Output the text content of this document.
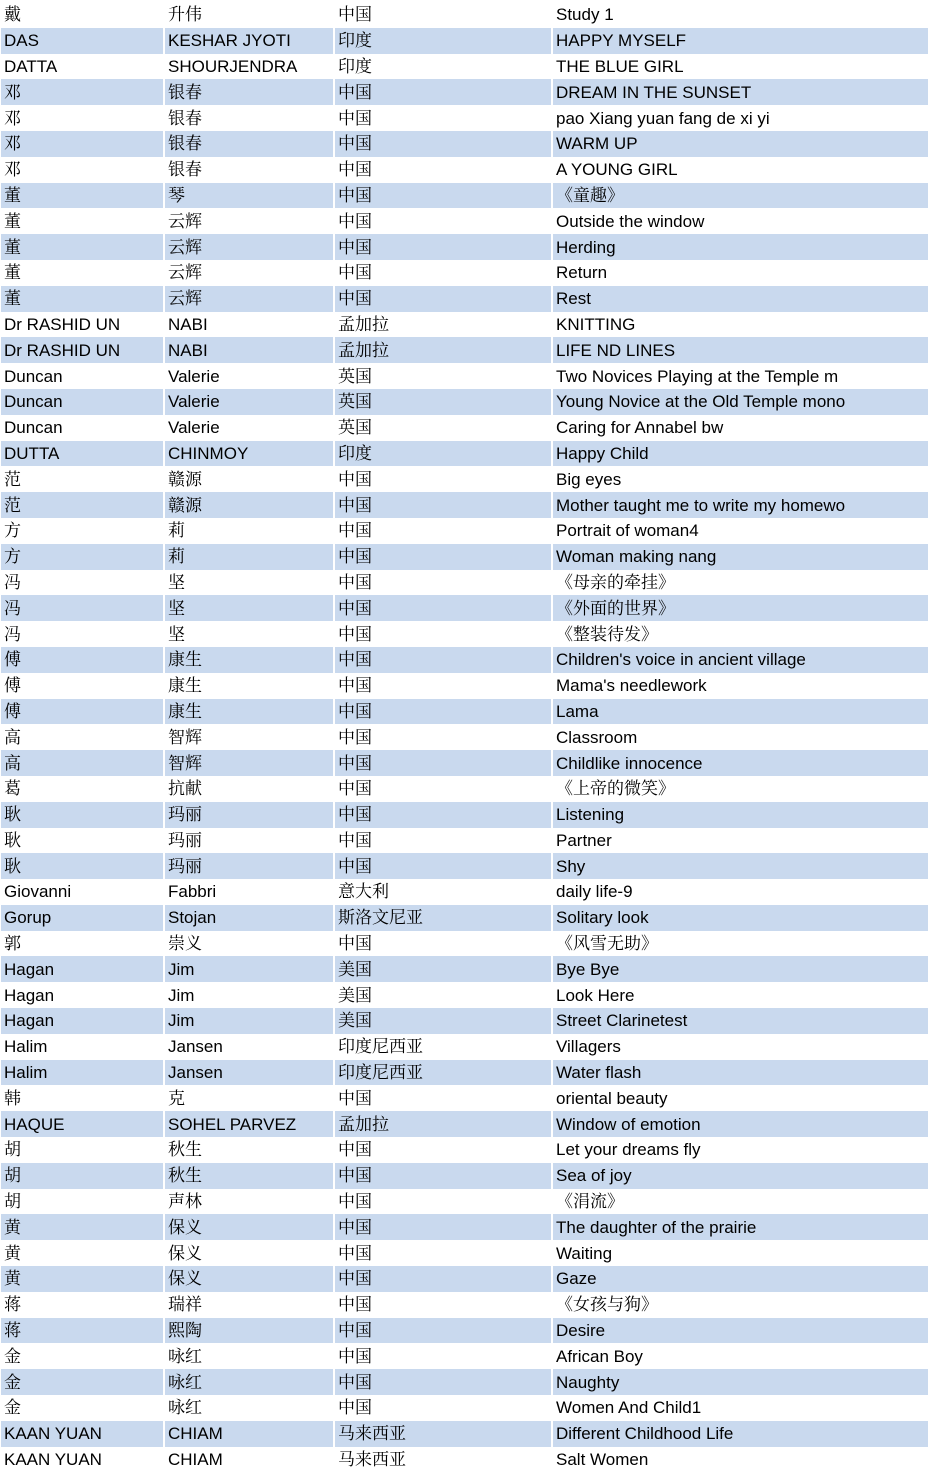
戴	升伟	中国	Study 1
DAS	KESHAR JYOTI	印度	HAPPY MYSELF
DATTA	SHOURJENDRA	印度	THE BLUE GIRL
邓	银春	中国	DREAM IN THE SUNSET
邓	银春	中国	pao Xiang yuan fang de xi yi
邓	银春	中国	WARM UP
邓	银春	中国	A YOUNG GIRL
董	琴	中国	《童趣》
董	云辉	中国	Outside the window
董	云辉	中国	Herding
董	云辉	中国	Return
董	云辉	中国	Rest
Dr RASHID UN	NABI	孟加拉	KNITTING
Dr RASHID UN	NABI	孟加拉	LIFE ND LINES
Duncan	Valerie	英国	Two Novices Playing at the Temple m
Duncan	Valerie	英国	Young Novice at the Old Temple mono
Duncan	Valerie	英国	Caring for Annabel bw
DUTTA	CHINMOY	印度	Happy Child
范	赣源	中国	Big eyes
范	赣源	中国	Mother taught me to write my homewo
方	莉	中国	Portrait of woman4
方	莉	中国	Woman making nang
冯	坚	中国	《母亲的牵挂》
冯	坚	中国	《外面的世界》
冯	坚	中国	《整装待发》
傅	康生	中国	Children's voice in ancient village
傅	康生	中国	Mama's needlework
傅	康生	中国	Lama
高	智辉	中国	Classroom
高	智辉	中国	Childlike innocence
葛	抗献	中国	《上帝的微笑》
耿	玛丽	中国	Listening
耿	玛丽	中国	Partner
耿	玛丽	中国	Shy
Giovanni	Fabbri	意大利	daily life-9
Gorup	Stojan	斯洛文尼亚	Solitary look
郭	崇义	中国	《风雪无助》
Hagan	Jim	美国	Bye Bye
Hagan	Jim	美国	Look Here
Hagan	Jim	美国	Street Clarinetest
Halim	Jansen	印度尼西亚	Villagers
Halim	Jansen	印度尼西亚	Water flash
韩	克	中国	oriental beauty
HAQUE	SOHEL PARVEZ	孟加拉	Window of emotion
胡	秋生	中国	Let your dreams fly
胡	秋生	中国	Sea of joy
胡	声林	中国	《涓流》
黄	保义	中国	The daughter of the prairie
黄	保义	中国	Waiting
黄	保义	中国	Gaze
蒋	瑞祥	中国	《女孩与狗》
蒋	熙陶	中国	Desire
金	咏红	中国	African Boy
金	咏红	中国	Naughty
金	咏红	中国	Women And Child1
KAAN YUAN	CHIAM	马来西亚	Different Childhood Life
KAAN YUAN	CHIAM	马来西亚	Salt Women
